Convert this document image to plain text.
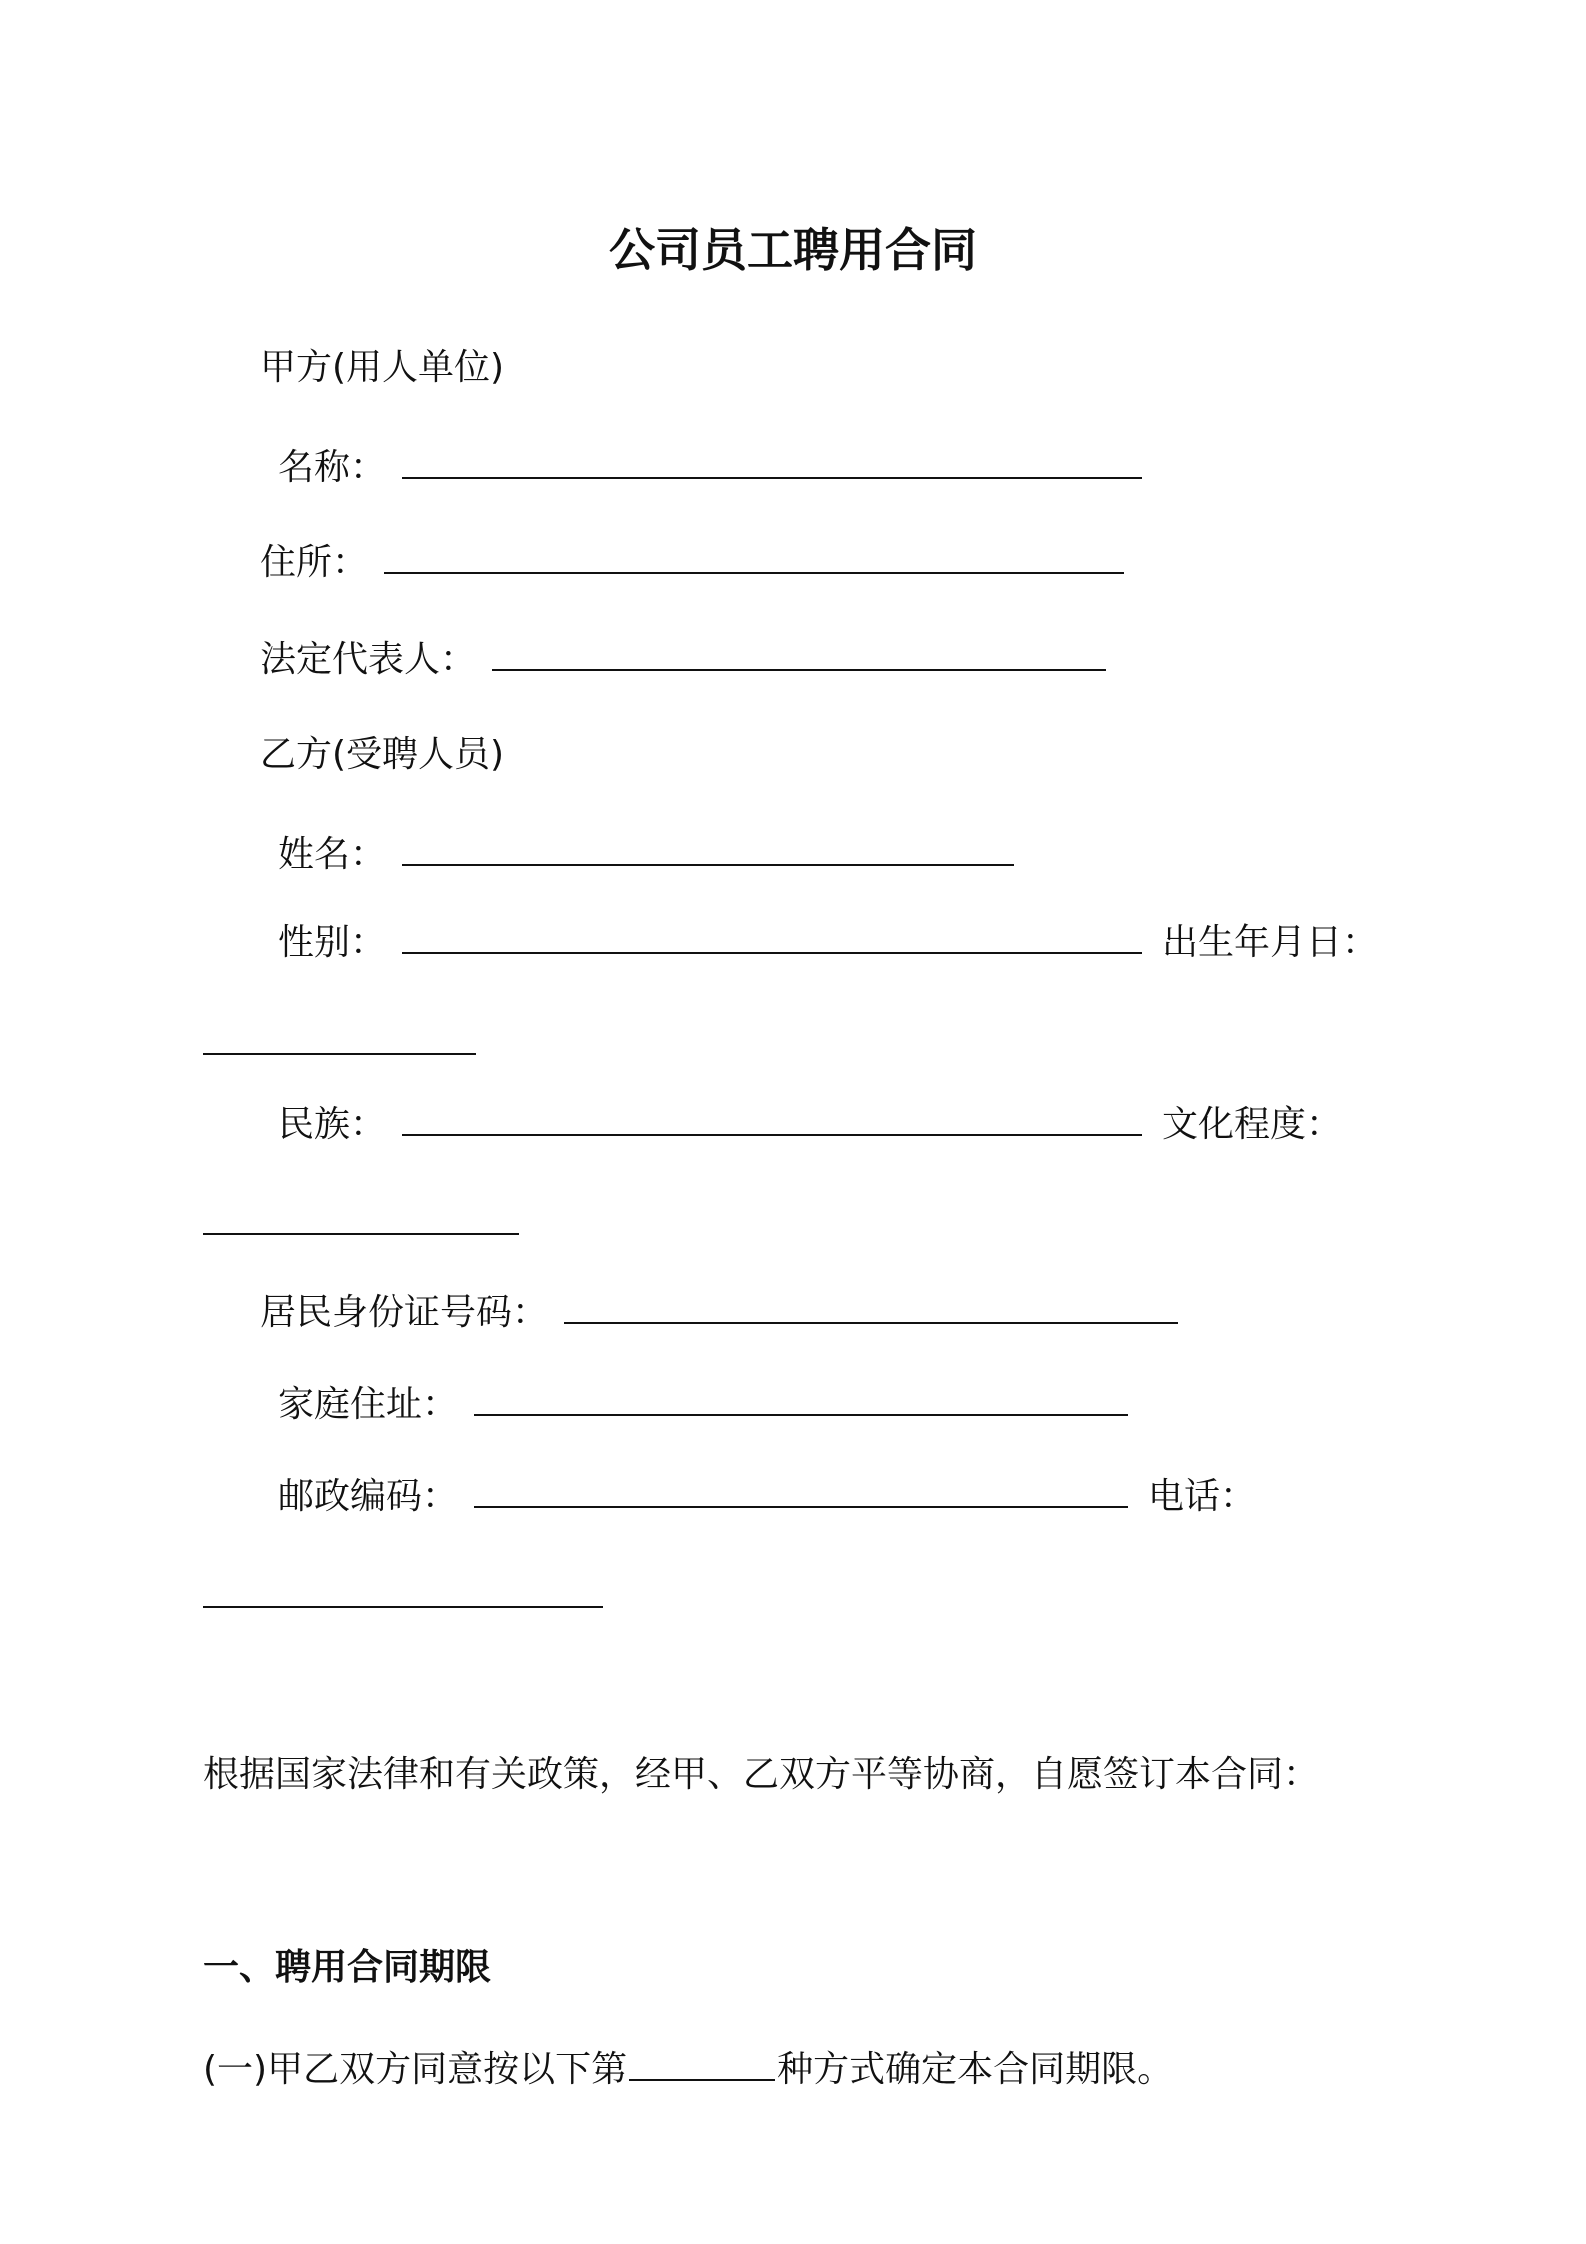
公司员工聘用合同
甲方(用人单位)
名称：
住所：
法定代表人：
乙方(受聘人员)
姓名：
性别：	出生年月日：
民族：	文化程度：
居民身份证号码：
家庭住址：
邮政编码：	电话：
根据国家法律和有关政策，经甲、乙双方平等协商，自愿签订本合同：
一、聘用合同期限
(一)甲乙双方同意按以下第	种方式确定本合同期限。
